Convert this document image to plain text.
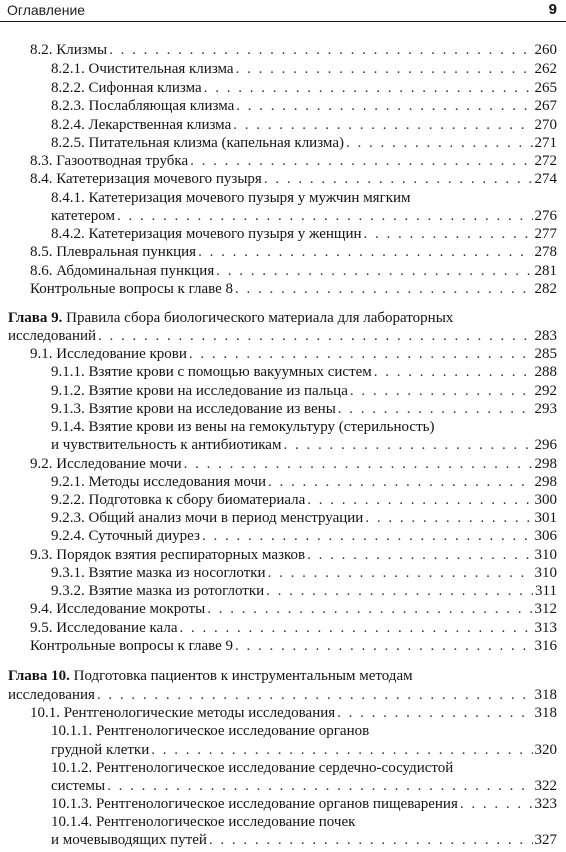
Оглавление	9
8.2. Клизмы . . .	260
8.2.1. Очистительная клизма . . .	262
8.2.2. Сифонная клизма . . .	265
8.2.3. Послабляющая клизма . . .	267
8.2.4. Лекарственная клизма . . .	270
8.2.5. Питательная клизма (капельная клизма) . . .	271
8.3. Газоотводная трубка . . .	272
8.4. Катетеризация мочевого пузыря . . .	274
8.4.1. Катетеризация мочевого пузыря у мужчин мягким
катетером . . .	276
8.4.2. Катетеризация мочевого пузыря у женщин . . .	277
8.5. Плевральная пункция . . .	278
8.6. Абдоминальная пункция . . .	281
Контрольные вопросы к главе 8 . . .	282
Глава 9. Правила сбора биологического материала для лабораторных
исследований . . .	283
9.1. Исследование крови . . .	285
9.1.1. Взятие крови с помощью вакуумных систем . . .	288
9.1.2. Взятие крови на исследование из пальца . . .	292
9.1.3. Взятие крови на исследование из вены . . .	293
9.1.4. Взятие крови из вены на гемокультуру (стерильность)
и чувствительность к антибиотикам . . .	296
9.2. Исследование мочи . . .	298
9.2.1. Методы исследования мочи . . .	298
9.2.2. Подготовка к сбору биоматериала . . .	300
9.2.3. Общий анализ мочи в период менструации . . .	301
9.2.4. Суточный диурез . . .	306
9.3. Порядок взятия респираторных мазков . . .	310
9.3.1. Взятие мазка из носоглотки . . .	310
9.3.2. Взятие мазка из ротоглотки . . .	311
9.4. Исследование мокроты . . .	312
9.5. Исследование кала . . .	313
Контрольные вопросы к главе 9 . . .	316
Глава 10. Подготовка пациентов к инструментальным методам
исследования . . .	318
10.1. Рентгенологические методы исследования . . .	318
10.1.1. Рентгенологическое исследование органов
грудной клетки . . .	320
10.1.2. Рентгенологическое исследование сердечно-сосудистой
системы . . .	322
10.1.3. Рентгенологическое исследование органов пищеварения . . .	323
10.1.4. Рентгенологическое исследование почек
и мочевыводящих путей . . .	327
